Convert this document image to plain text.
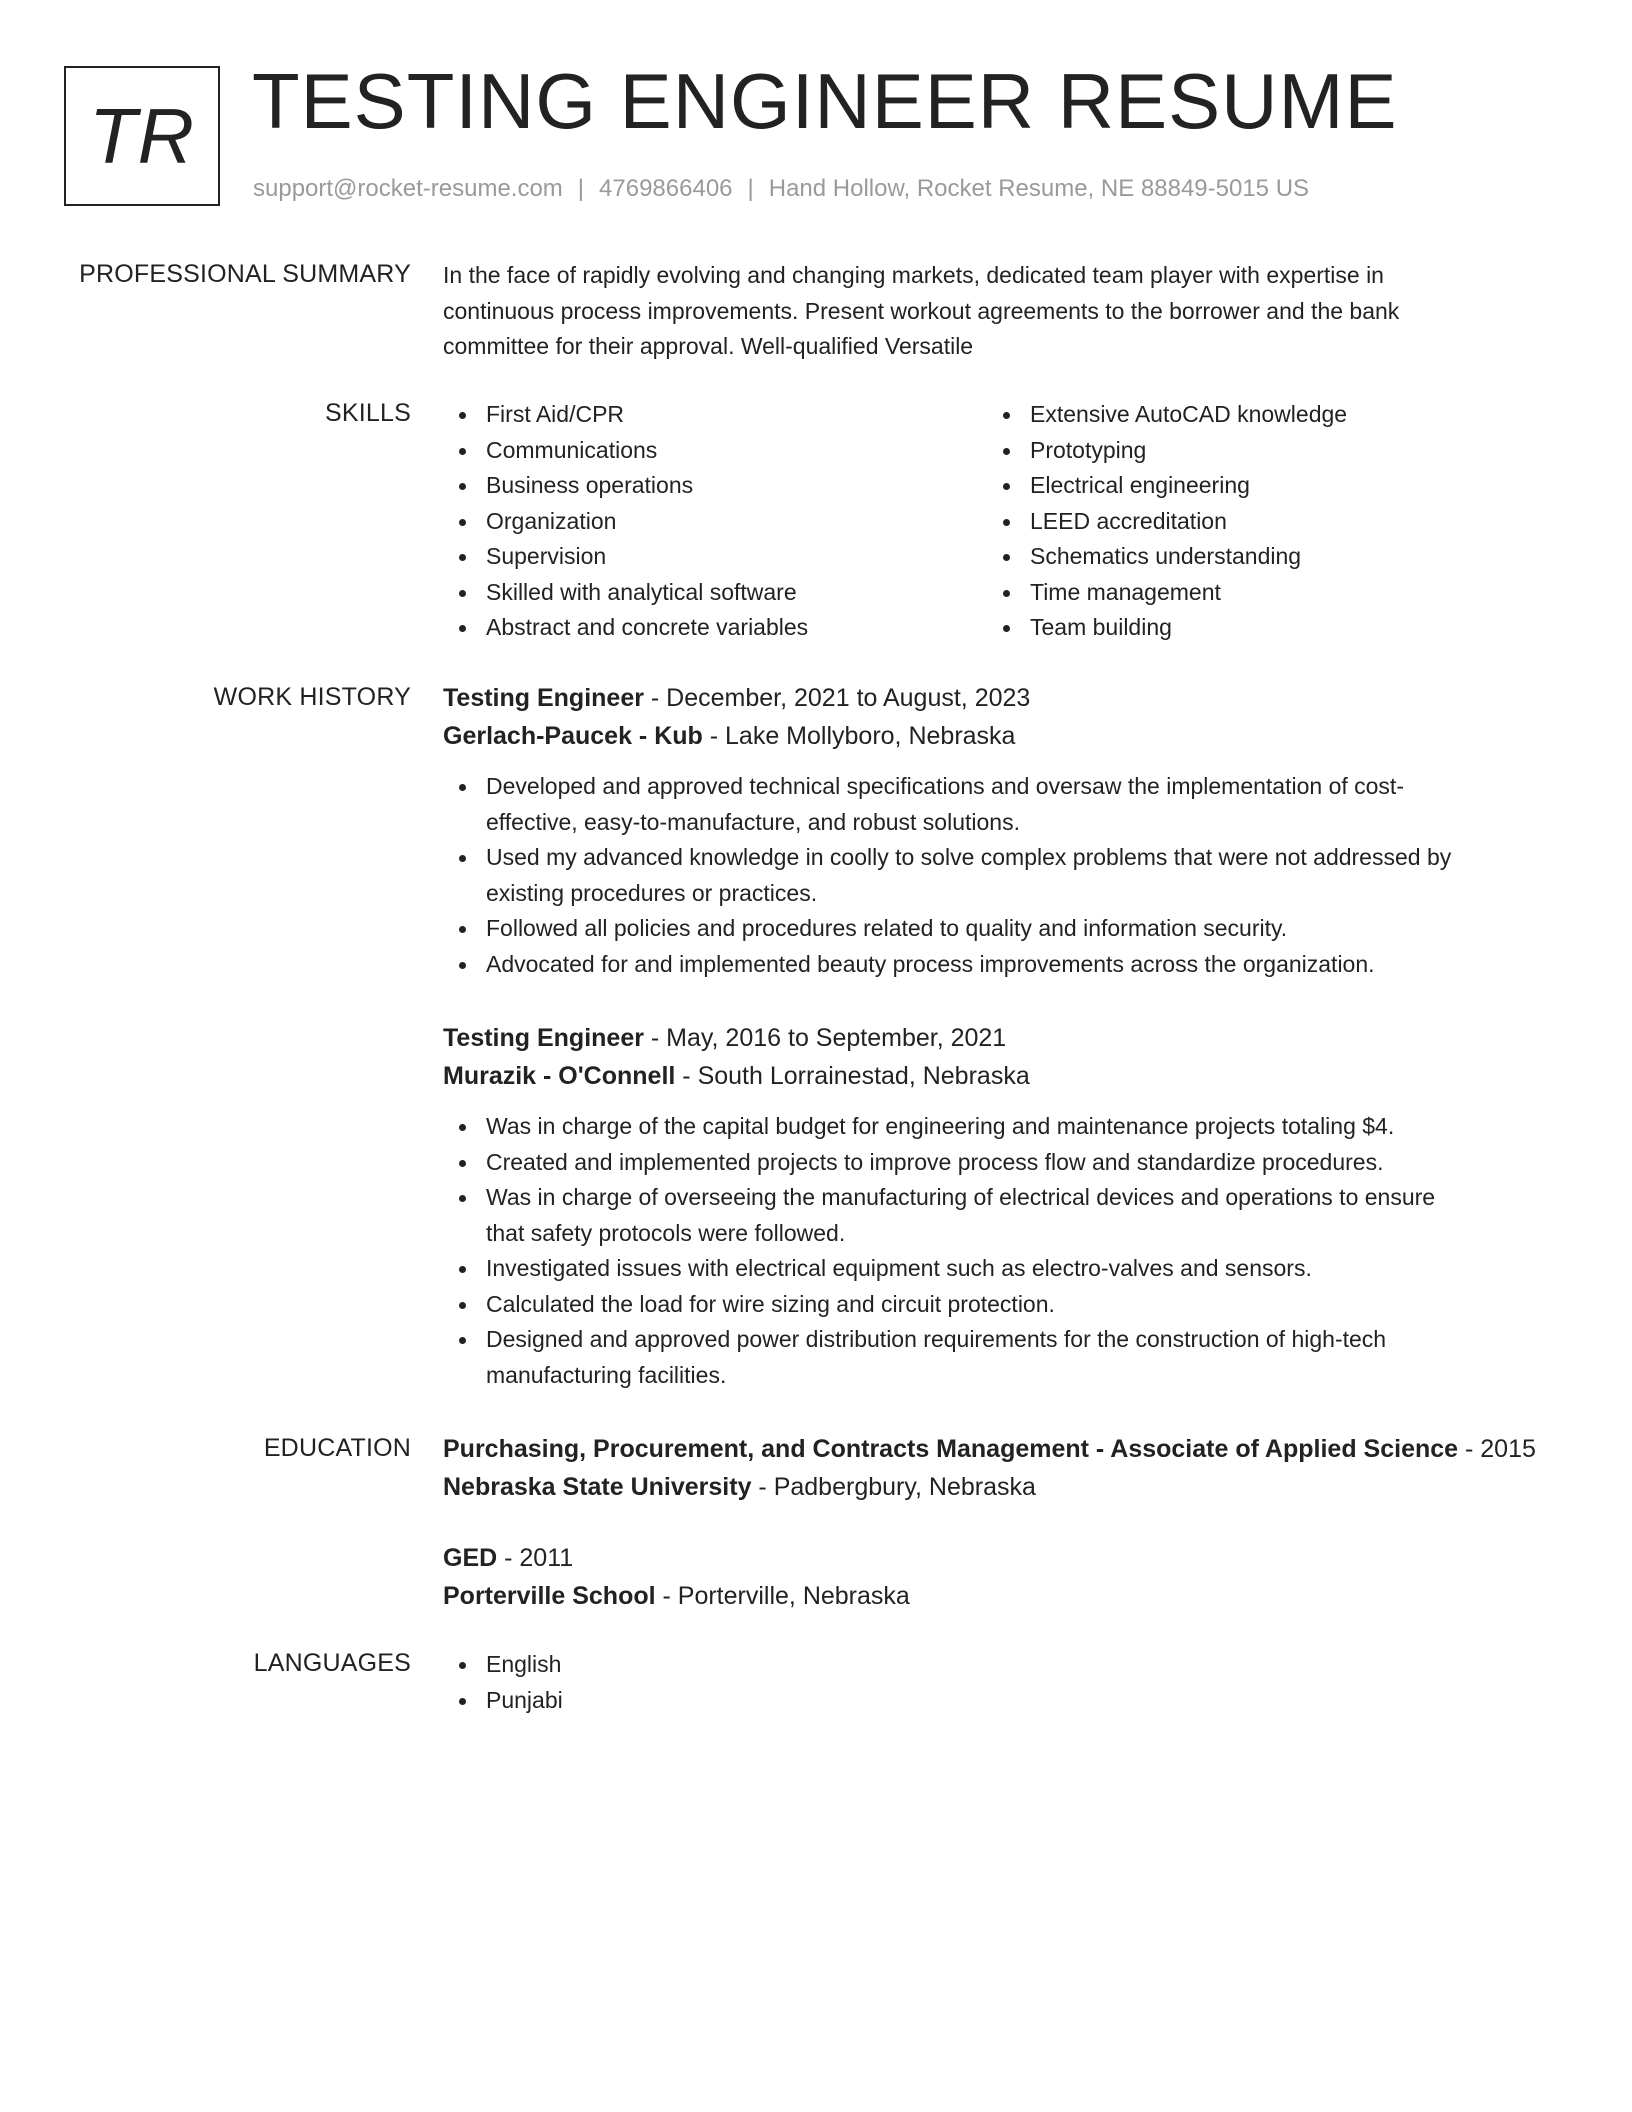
TR TESTING ENGINEER RESUME
support@rocket-resume.com | 4769866406 | Hand Hollow, Rocket Resume, NE 88849-5015 US
PROFESSIONAL SUMMARY In the face of rapidly evolving and changing markets, dedicated team player with expertise in
continuous process improvements. Present workout agreements to the borrower and the bank
committee for their approval. Well-qualified Versatile

SKILLS	First Aid/CPR
Communications
Business operations
Organization
Supervision
Skilled with analytical software
Abstract and concrete variables
Extensive AutoCAD knowledge
Prototyping
Electrical engineering
LEED accreditation
Schematics understanding
Time management
Team building
WORK HISTORY Testing Engineer - December, 2021 to August, 2023
Gerlach-Paucek - Kub - Lake Mollyboro, Nebraska
Developed and approved technical specifications and oversaw the implementation of cost-
effective, easy-to-manufacture, and robust solutions.
Used my advanced knowledge in coolly to solve complex problems that were not addressed by
existing procedures or practices.
Followed all policies and procedures related to quality and information security.
Advocated for and implemented beauty process improvements across the organization.
Testing Engineer - May, 2016 to September, 2021
Murazik - O'Connell - South Lorrainestad, Nebraska
Was in charge of the capital budget for engineering and maintenance projects totaling $4.
Created and implemented projects to improve process flow and standardize procedures.
Was in charge of overseeing the manufacturing of electrical devices and operations to ensure
that safety protocols were followed.
Investigated issues with electrical equipment such as electro-valves and sensors.
Calculated the load for wire sizing and circuit protection.
Designed and approved power distribution requirements for the construction of high-tech
manufacturing facilities.
EDUCATION Purchasing, Procurement, and Contracts Management - Associate of Applied Science - 2015
Nebraska State University - Padbergbury, Nebraska
GED - 2011
Porterville School - Porterville, Nebraska
LANGUAGES	English
Punjabi
